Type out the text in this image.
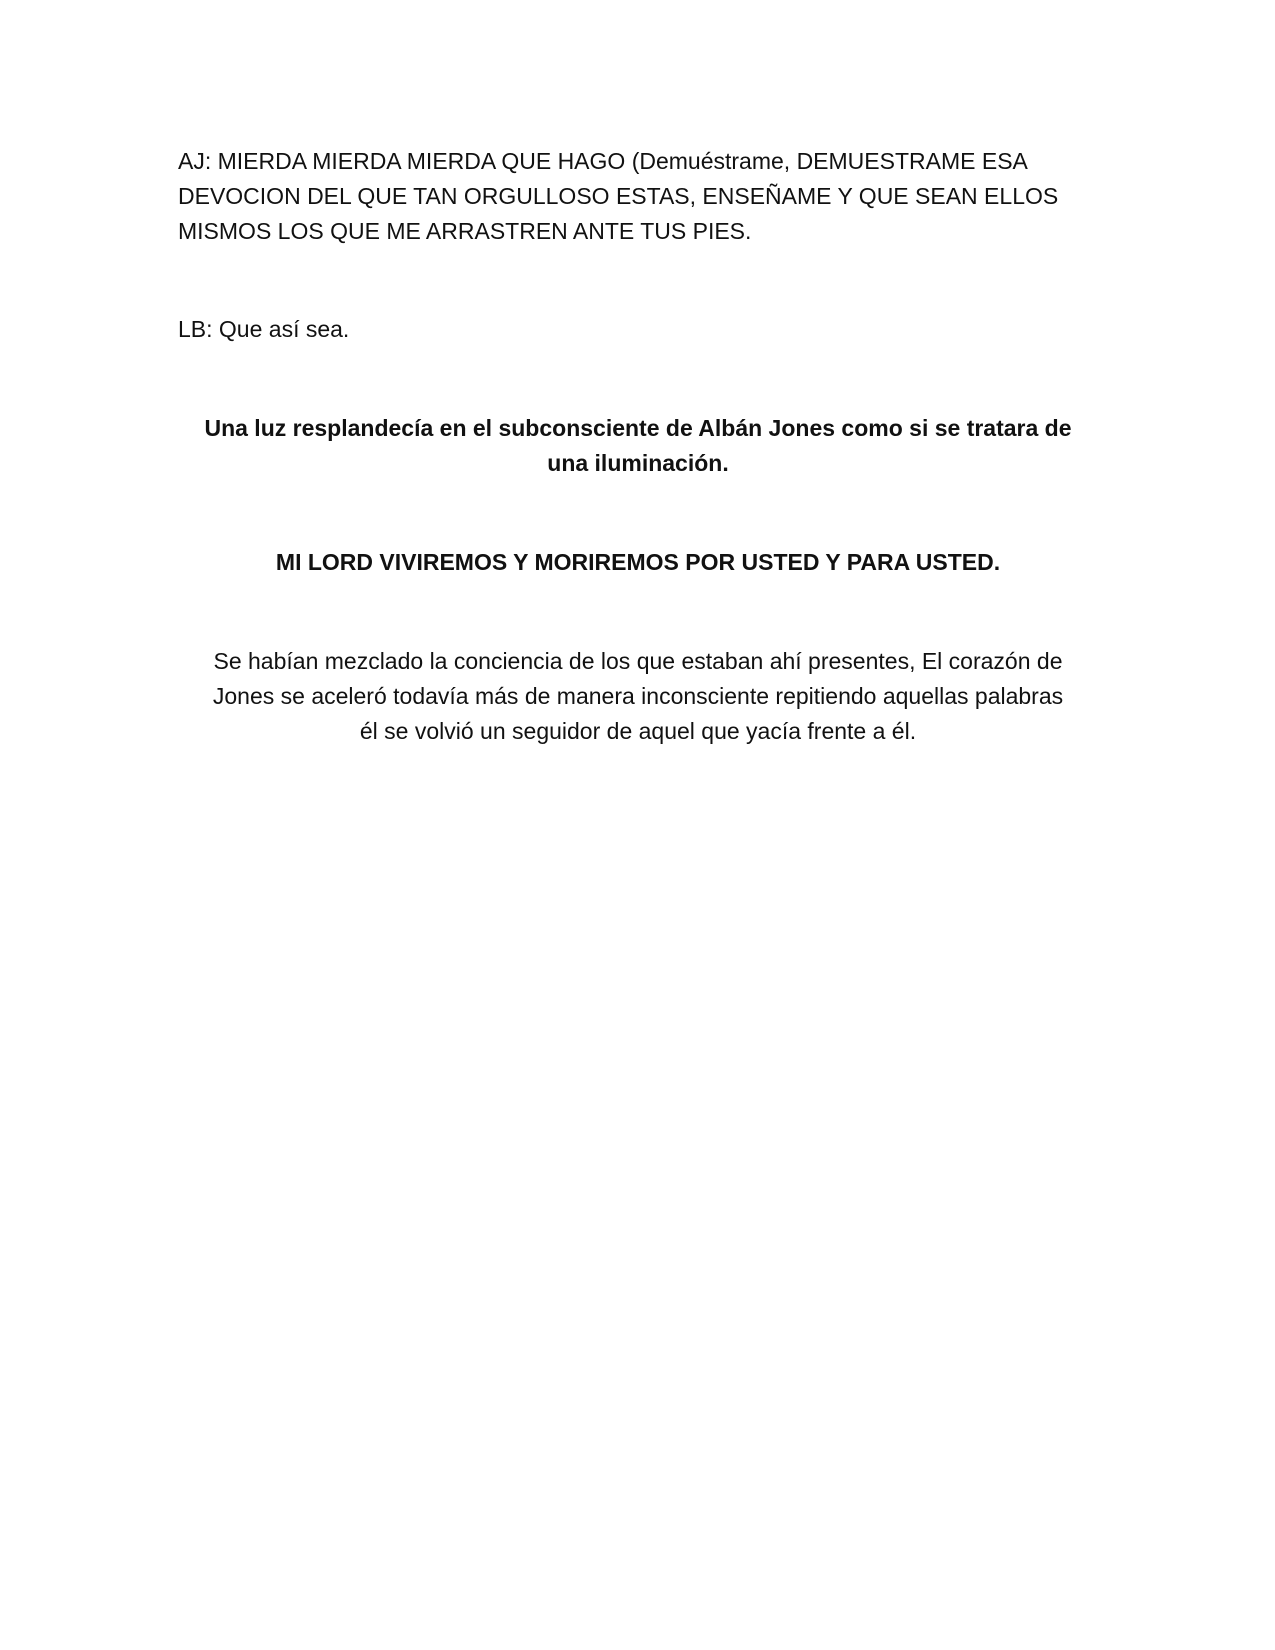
AJ: MIERDA MIERDA MIERDA QUE HAGO (Demuéstrame, DEMUESTRAME ESA
DEVOCION DEL QUE TAN ORGULLOSO ESTAS, ENSEÑAME Y QUE SEAN ELLOS
MISMOS LOS QUE ME ARRASTREN ANTE TUS PIES.

LB: Que así sea.

Una luz resplandecía en el subconsciente de Albán Jones como si se tratara de
una iluminación.

MI LORD VIVIREMOS Y MORIREMOS POR USTED Y PARA USTED.

Se habían mezclado la conciencia de los que estaban ahí presentes, El corazón de
Jones se aceleró todavía más de manera inconsciente repitiendo aquellas palabras
él se volvió un seguidor de aquel que yacía frente a él.
